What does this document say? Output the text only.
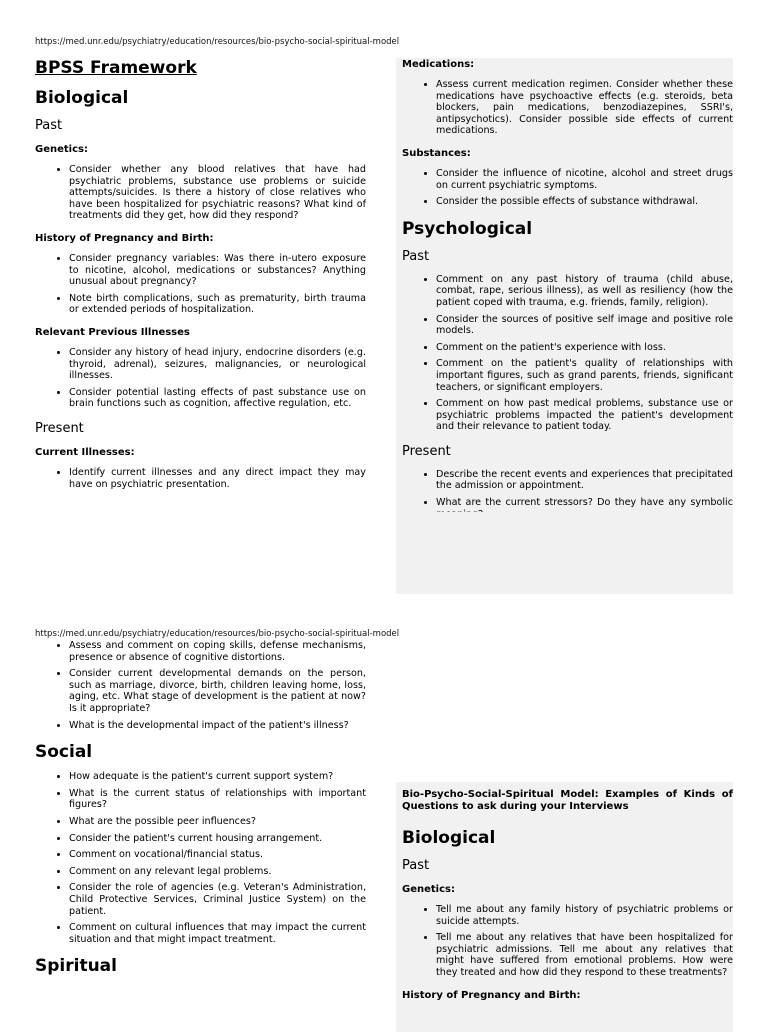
https://med.unr.edu/psychiatry/education/resources/bio-psycho-social-spiritual-model
BPSS Framework
Biological
Past
Genetics:
• Consider whether any blood relatives that have had psychiatric problems, substance use problems or suicide attempts/suicides. Is there a history of close relatives who have been hospitalized for psychiatric reasons? What kind of treatments did they get, how did they respond?
History of Pregnancy and Birth:
• Consider pregnancy variables: Was there in-utero exposure to nicotine, alcohol, medications or substances? Anything unusual about pregnancy?
• Note birth complications, such as prematurity, birth trauma or extended periods of hospitalization.
Relevant Previous Illnesses
• Consider any history of head injury, endocrine disorders (e.g. thyroid, adrenal), seizures, malignancies, or neurological illnesses.
• Consider potential lasting effects of past substance use on brain functions such as cognition, affective regulation, etc.
Present
Current Illnesses:
• Identify current illnesses and any direct impact they may have on psychiatric presentation.
Medications:
• Assess current medication regimen. Consider whether these medications have psychoactive effects (e.g. steroids, beta blockers, pain medications, benzodiazepines, SSRI's, antipsychotics). Consider possible side effects of current medications.
Substances:
• Consider the influence of nicotine, alcohol and street drugs on current psychiatric symptoms.
• Consider the possible effects of substance withdrawal.
Psychological
Past
• Comment on any past history of trauma (child abuse, combat, rape, serious illness), as well as resiliency (how the patient coped with trauma, e.g. friends, family, religion).
• Consider the sources of positive self image and positive role models.
• Comment on the patient's experience with loss.
• Comment on the patient's quality of relationships with important figures, such as grand parents, friends, significant teachers, or significant employers.
• Comment on how past medical problems, substance use or psychiatric problems impacted the patient's development and their relevance to patient today.
Present
• Describe the recent events and experiences that precipitated the admission or appointment.
• What are the current stressors? Do they have any symbolic
https://med.unr.edu/psychiatry/education/resources/bio-psycho-social-spiritual-model
• Assess and comment on coping skills, defense mechanisms, presence or absence of cognitive distortions.
• Consider current developmental demands on the person, such as marriage, divorce, birth, children leaving home, loss, aging, etc. What stage of development is the patient at now? Is it appropriate?
• What is the developmental impact of the patient's illness?
Social
• How adequate is the patient's current support system?
• What is the current status of relationships with important figures?
• What are the possible peer influences?
• Consider the patient's current housing arrangement.
• Comment on vocational/financial status.
• Comment on any relevant legal problems.
• Consider the role of agencies (e.g. Veteran's Administration, Child Protective Services, Criminal Justice System) on the patient.
• Comment on cultural influences that may impact the current situation and that might impact treatment.
Spiritual

Bio-Psycho-Social-Spiritual Model: Examples of Kinds of Questions to ask during your Interviews

Biological
Past
Genetics:
• Tell me about any family history of psychiatric problems or suicide attempts.
• Tell me about any relatives that have been hospitalized for psychiatric admissions. Tell me about any relatives that might have suffered from emotional problems. How were they treated and how did they respond to these treatments?
History of Pregnancy and Birth:
